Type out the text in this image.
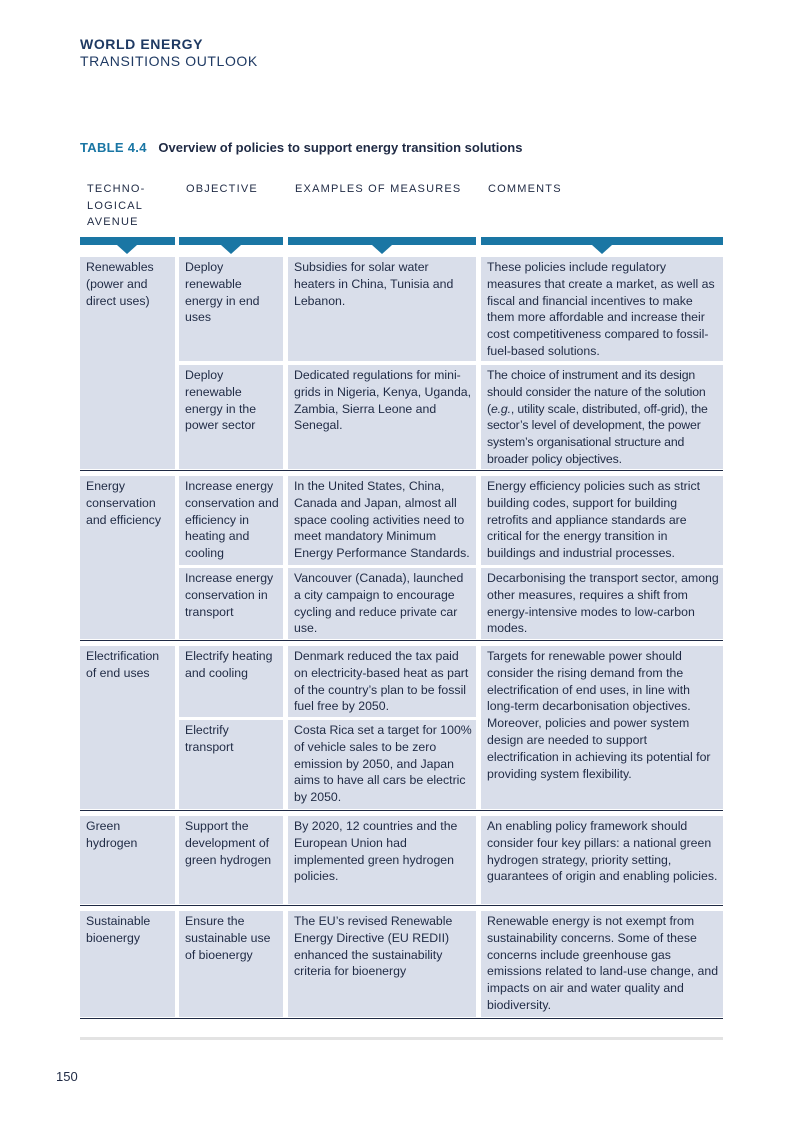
WORLD ENERGY
TRANSITIONS OUTLOOK
TABLE 4.4 Overview of policies to support energy transition solutions
TECHNO-
LOGICAL
AVENUE
OBJECTIVE	EXAMPLES OF MEASURES COMMENTS
Renewables (power and direct uses)
Deploy renewable energy in end uses
Subsidies for solar water heaters in China, Tunisia and Lebanon.
These policies include regulatory measures that create a market, as well as fiscal and financial incentives to make them more affordable and increase their cost competitiveness compared to fossil-fuel-based solutions.
Deploy renewable energy in the power sector
Dedicated regulations for mini-grids in Nigeria, Kenya, Uganda, Zambia, Sierra Leone and Senegal.
The choice of instrument and its design should consider the nature of the solution (e.g., utility scale, distributed, off-grid), the sector’s level of development, the power system’s organisational structure and broader policy objectives.
Energy conservation and efficiency
Increase energy conservation and efficiency in heating and cooling
In the United States, China, Canada and Japan, almost all space cooling activities need to meet mandatory Minimum Energy Performance Standards.
Energy efficiency policies such as strict building codes, support for building retrofits and appliance standards are critical for the energy transition in buildings and industrial processes.
Increase energy conservation in transport
Vancouver (Canada), launched a city campaign to encourage cycling and reduce private car use.
Decarbonising the transport sector, among other measures, requires a shift from energy-intensive modes to low-carbon modes.
Electrification of end uses
Electrify heating and cooling
Denmark reduced the tax paid on electricity-based heat as part of the country’s plan to be fossil fuel free by 2050.
Electrify transport
Costa Rica set a target for 100% of vehicle sales to be zero emission by 2050, and Japan aims to have all cars be electric by 2050.
Targets for renewable power should consider the rising demand from the electrification of end uses, in line with long-term decarbonisation objectives. Moreover, policies and power system design are needed to support electrification in achieving its potential for providing system flexibility.
Green hydrogen
Support the development of green hydrogen
By 2020, 12 countries and the European Union had implemented green hydrogen policies.
An enabling policy framework should consider four key pillars: a national green hydrogen strategy, priority setting, guarantees of origin and enabling policies.
Sustainable bioenergy
Ensure the sustainable use of bioenergy
The EU’s revised Renewable Energy Directive (EU REDII) enhanced the sustainability criteria for bioenergy
Renewable energy is not exempt from sustainability concerns. Some of these concerns include greenhouse gas emissions related to land-use change, and impacts on air and water quality and biodiversity.
150
